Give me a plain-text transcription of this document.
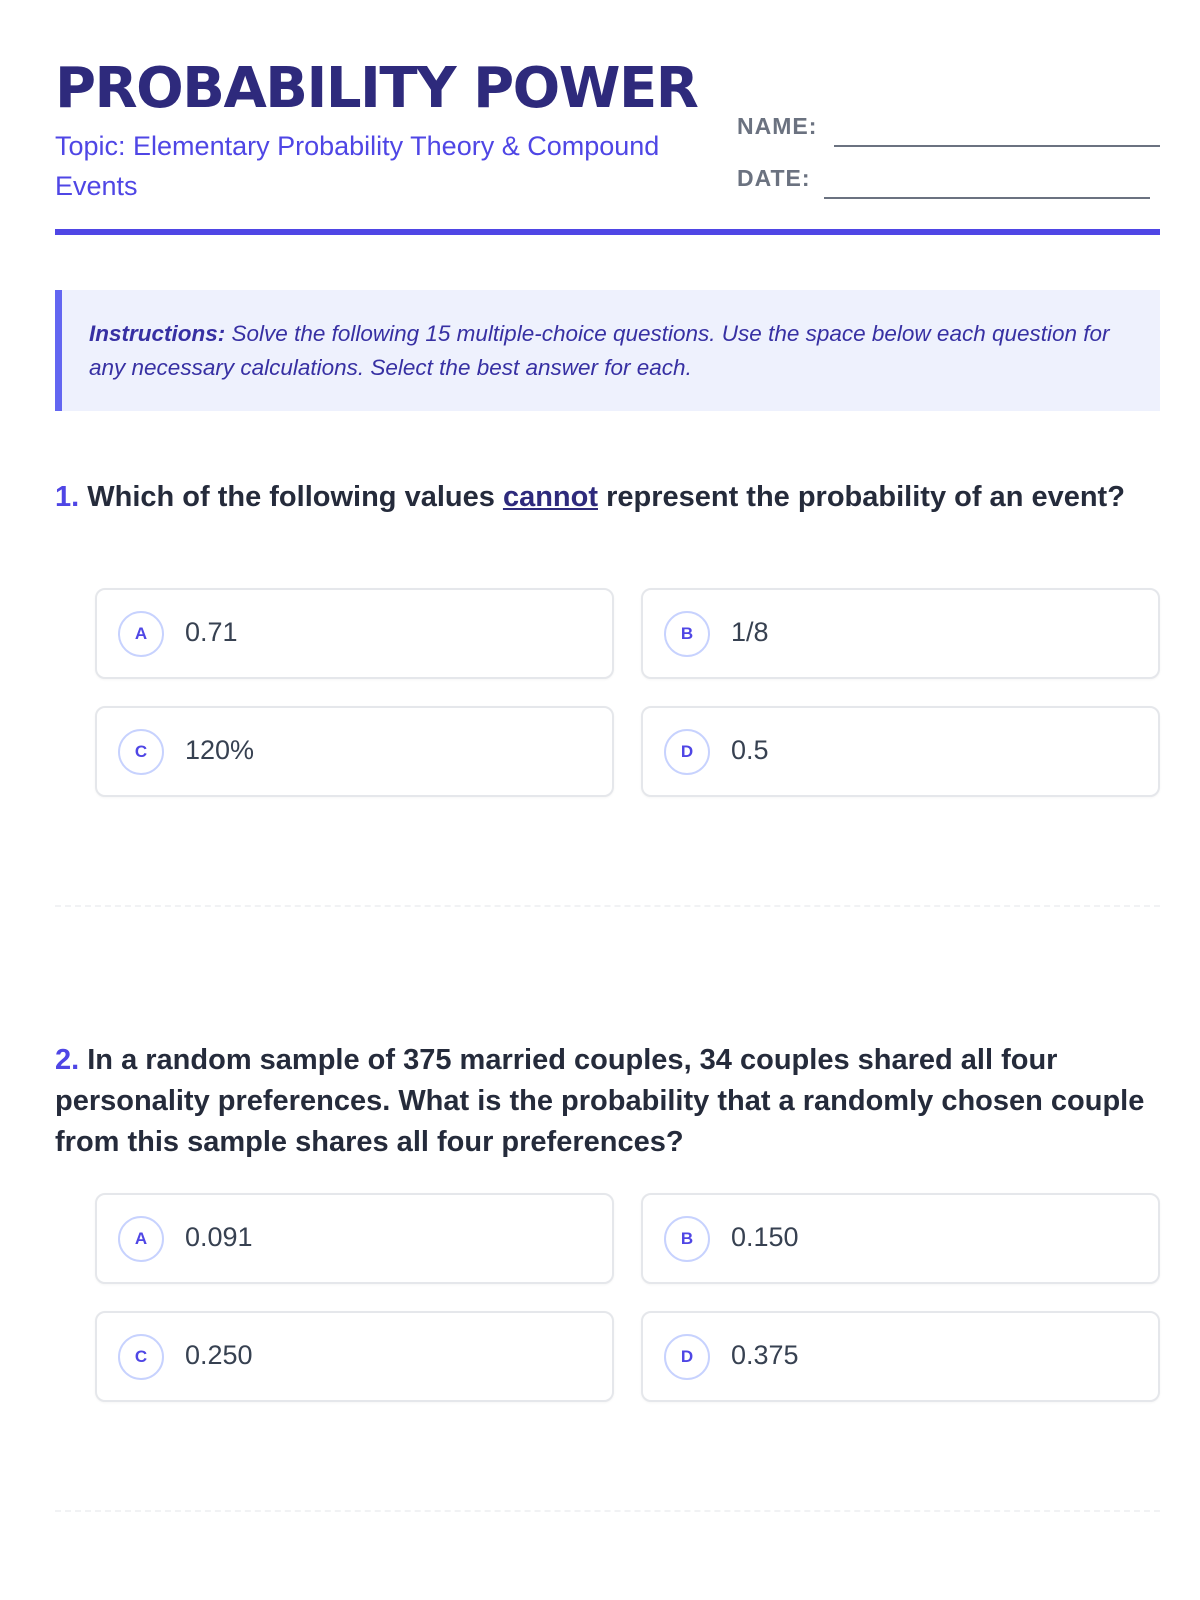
PROBABILITY POWER
Topic: Elementary Probability Theory & Compound Events
NAME:
DATE:
Instructions: Solve the following 15 multiple-choice questions. Use the space below each question for any necessary calculations. Select the best answer for each.
1. Which of the following values cannot represent the probability of an event?
A	0.71	B	1/8
C	120%	D	0.5
2. In a random sample of 375 married couples, 34 couples shared all four personality preferences. What is the probability that a randomly chosen couple from this sample shares all four preferences?
A	0.091	B	0.150
C	0.250	D	0.375
